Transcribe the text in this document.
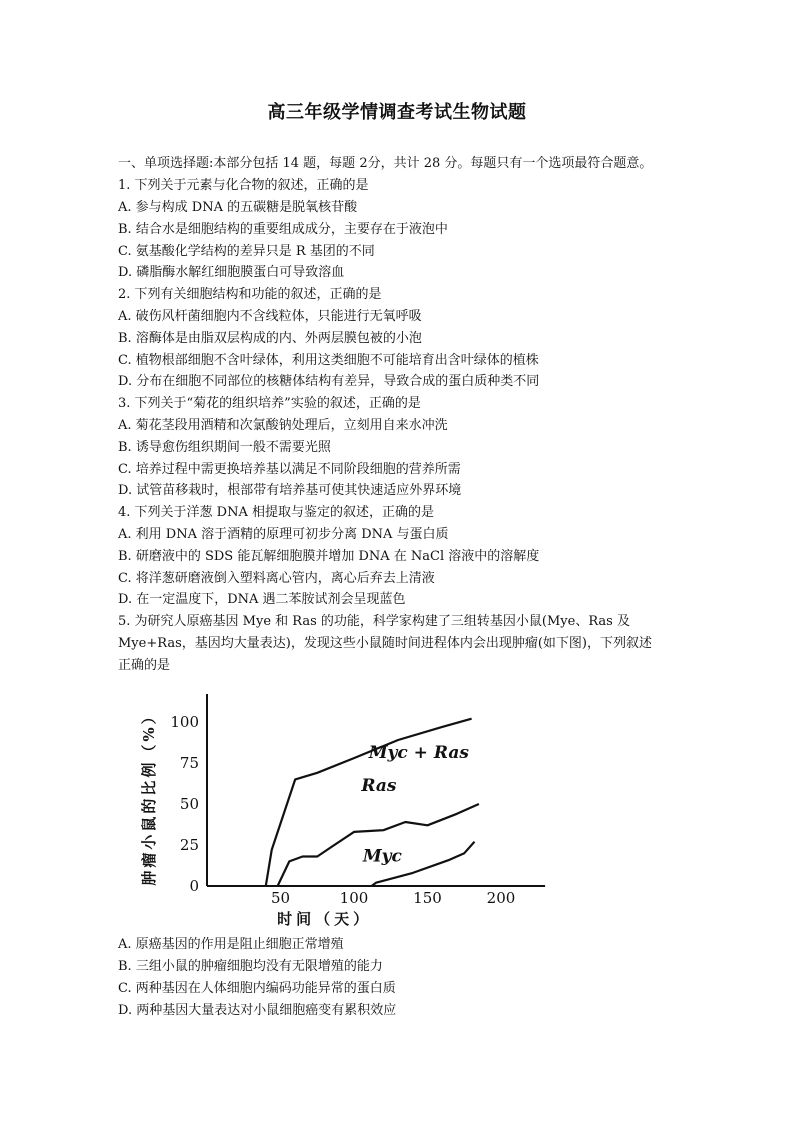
高三年级学情调查考试生物试题
一、单项选择题:本部分包括 14 题，每题 2分，共计 28 分。每题只有一个选项最符合题意。
1. 下列关于元素与化合物的叙述，正确的是
A. 参与构成 DNA 的五碳糖是脱氧核苷酸
B. 结合水是细胞结构的重要组成成分，主要存在于液泡中
C. 氨基酸化学结构的差异只是 R 基团的不同
D. 磷脂酶水解红细胞膜蛋白可导致溶血
2. 下列有关细胞结构和功能的叙述，正确的是
A. 破伤风杆菌细胞内不含线粒体，只能进行无氧呼吸
B. 溶酶体是由脂双层构成的内、外两层膜包被的小泡
C. 植物根部细胞不含叶绿体，利用这类细胞不可能培育出含叶绿体的植株
D. 分布在细胞不同部位的核糖体结构有差异，导致合成的蛋白质种类不同
3. 下列关于“菊花的组织培养”实验的叙述，正确的是
A. 菊花茎段用酒精和次氯酸钠处理后，立刻用自来水冲洗
B. 诱导愈伤组织期间一般不需要光照
C. 培养过程中需更换培养基以满足不同阶段细胞的营养所需
D. 试管苗移栽时，根部带有培养基可使其快速适应外界环境
4. 下列关于洋葱 DNA 相提取与鉴定的叙述，正确的是
A. 利用 DNA 溶于酒精的原理可初步分离 DNA 与蛋白质
B. 研磨液中的 SDS 能瓦解细胞膜并增加 DNA 在 NaCl 溶液中的溶解度
C. 将洋葱研磨液倒入塑料离心管内，离心后弃去上清液
D. 在一定温度下，DNA 遇二苯胺试剂会呈现蓝色
5. 为研究人原癌基因 Mye 和 Ras 的功能，科学家构建了三组转基因小鼠(Mye、Ras 及
Mye+Ras，基因均大量表达)，发现这些小鼠随时间进程体内会出现肿瘤(如下图)，下列叙述
正确的是
0
25
50
75
100
50	100	150	200
时间（天）
肿瘤小鼠的比例（%）	Myc + Ras
Ras
Myc
A. 原癌基因的作用是阻止细胞正常增殖
B. 三组小鼠的肿瘤细胞均没有无限增殖的能力
C. 两种基因在人体细胞内编码功能异常的蛋白质
D. 两种基因大量表达对小鼠细胞癌变有累积效应
